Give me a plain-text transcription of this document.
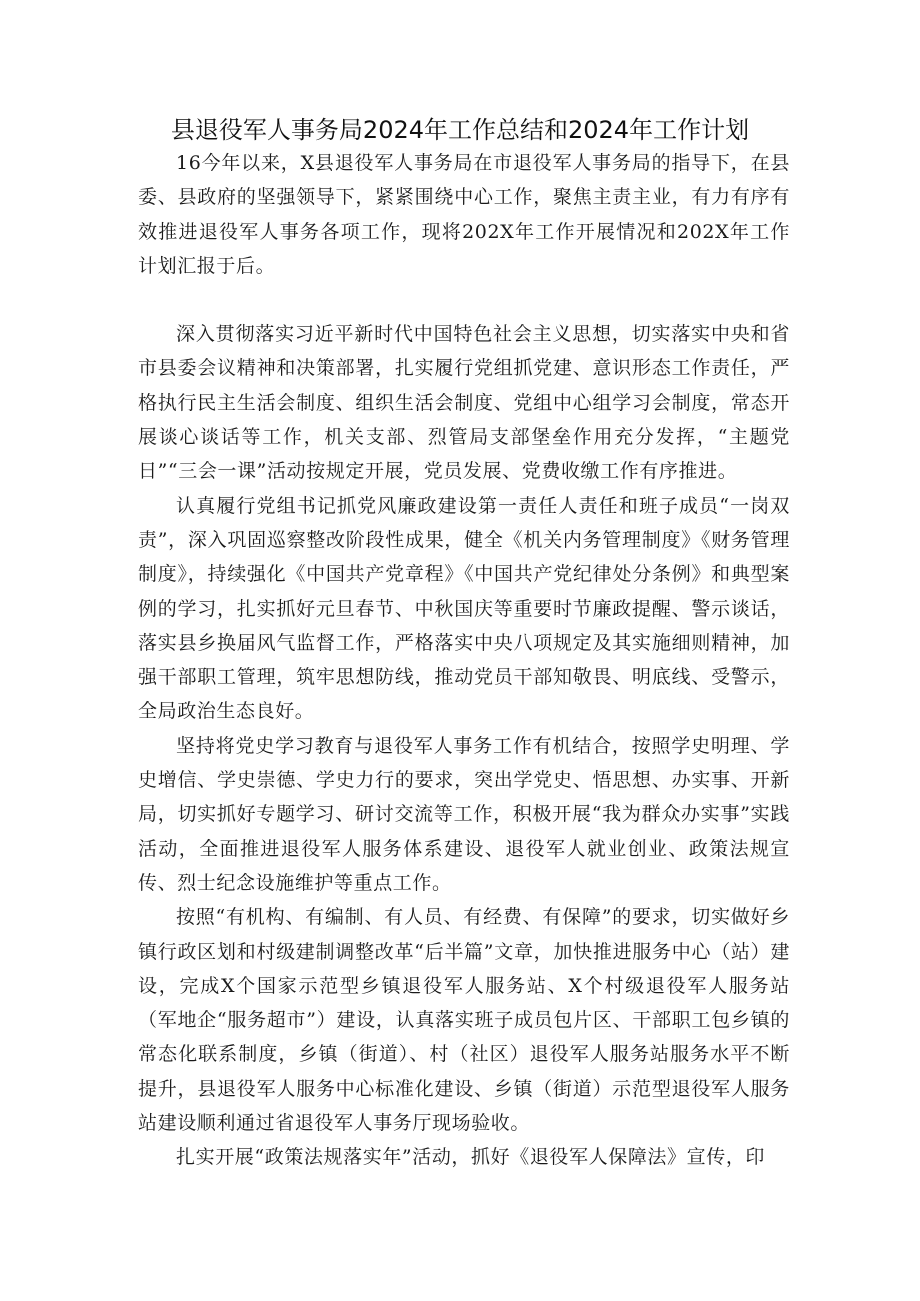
县退役军人事务局2024年工作总结和2024年工作计划

16今年以来，X县退役军人事务局在市退役军人事务局的指导下，在县委、县政府的坚强领导下，紧紧围绕中心工作，聚焦主责主业，有力有序有效推进退役军人事务各项工作，现将202X年工作开展情况和202X年工作计划汇报于后。

深入贯彻落实习近平新时代中国特色社会主义思想，切实落实中央和省市县委会议精神和决策部署，扎实履行党组抓党建、意识形态工作责任，严格执行民主生活会制度、组织生活会制度、党组中心组学习会制度，常态开展谈心谈话等工作，机关支部、烈管局支部堡垒作用充分发挥，“主题党日”“三会一课”活动按规定开展，党员发展、党费收缴工作有序推进。

认真履行党组书记抓党风廉政建设第一责任人责任和班子成员“一岗双责”，深入巩固巡察整改阶段性成果，健全《机关内务管理制度》《财务管理制度》，持续强化《中国共产党章程》《中国共产党纪律处分条例》和典型案例的学习，扎实抓好元旦春节、中秋国庆等重要时节廉政提醒、警示谈话，落实县乡换届风气监督工作，严格落实中央八项规定及其实施细则精神，加强干部职工管理，筑牢思想防线，推动党员干部知敬畏、明底线、受警示，全局政治生态良好。

坚持将党史学习教育与退役军人事务工作有机结合，按照学史明理、学史增信、学史崇德、学史力行的要求，突出学党史、悟思想、办实事、开新局，切实抓好专题学习、研讨交流等工作，积极开展“我为群众办实事”实践活动，全面推进退役军人服务体系建设、退役军人就业创业、政策法规宣传、烈士纪念设施维护等重点工作。

按照“有机构、有编制、有人员、有经费、有保障”的要求，切实做好乡镇行政区划和村级建制调整改革“后半篇”文章，加快推进服务中心（站）建设，完成X个国家示范型乡镇退役军人服务站、X个村级退役军人服务站（军地企“服务超市”）建设，认真落实班子成员包片区、干部职工包乡镇的常态化联系制度，乡镇（街道）、村（社区）退役军人服务站服务水平不断提升，县退役军人服务中心标准化建设、乡镇（街道）示范型退役军人服务站建设顺利通过省退役军人事务厅现场验收。

扎实开展“政策法规落实年”活动，抓好《退役军人保障法》宣传，印
